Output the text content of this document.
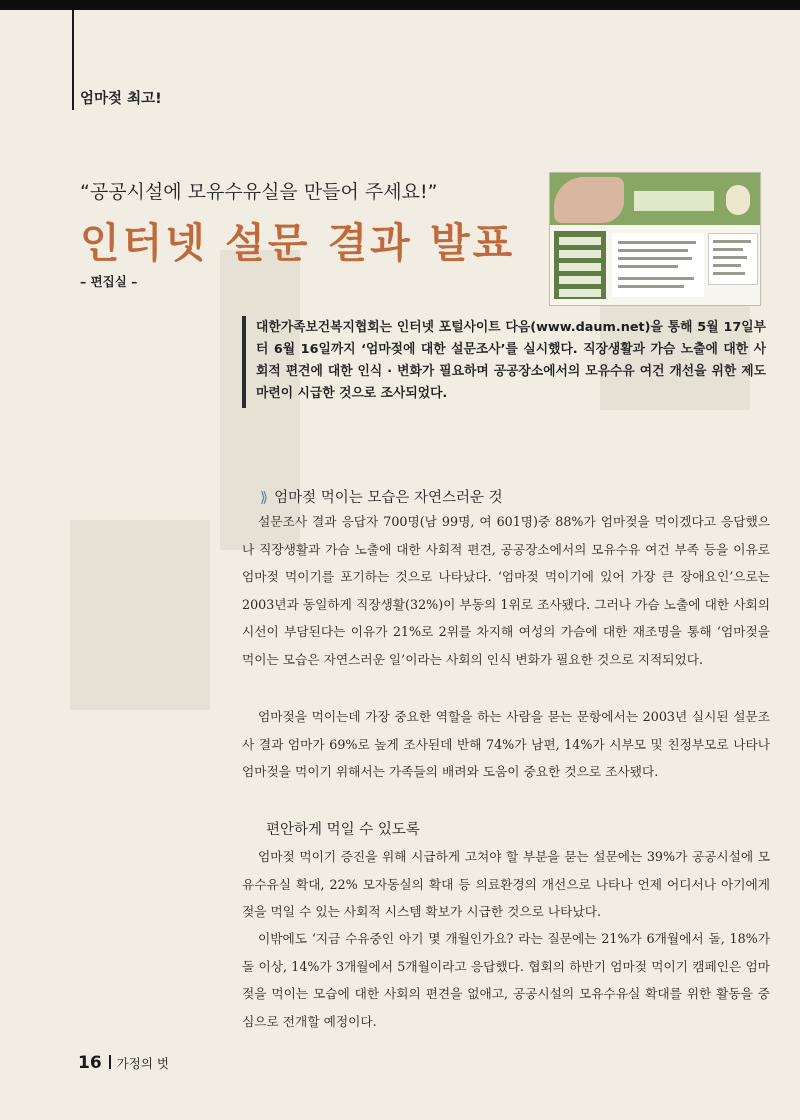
엄마젖 최고!
“공공시설에 모유수유실을 만들어 주세요!”
인터넷 설문 결과 발표
– 편집실 –
대한가족보건복지협회는 인터넷 포털사이트 다음(www.daum.net)을 통해 5월 17일부터 6월 16일까지 ‘엄마젖에 대한 설문조사’를 실시했다. 직장생활과 가슴 노출에 대한 사회적 편견에 대한 인식 · 변화가 필요하며 공공장소에서의 모유수유 여건 개선을 위한 제도 마련이 시급한 것으로 조사되었다.
⟫ 엄마젖 먹이는 모습은 자연스러운 것
설문조사 결과 응답자 700명(남 99명, 여 601명)중 88%가 엄마젖을 먹이겠다고 응답했으나 직장생활과 가슴 노출에 대한 사회적 편견, 공공장소에서의 모유수유 여건 부족 등을 이유로 엄마젖 먹이기를 포기하는 것으로 나타났다. ‘엄마젖 먹이기에 있어 가장 큰 장애요인’으로는 2003년과 동일하게 직장생활(32%)이 부동의 1위로 조사됐다. 그러나 가슴 노출에 대한 사회의 시선이 부담된다는 이유가 21%로 2위를 차지해 여성의 가슴에 대한 재조명을 통해 ‘엄마젖을 먹이는 모습은 자연스러운 일’이라는 사회의 인식 변화가 필요한 것으로 지적되었다.
엄마젖을 먹이는데 가장 중요한 역할을 하는 사람을 묻는 문항에서는 2003년 실시된 설문조사 결과 엄마가 69%로 높게 조사된데 반해 74%가 남편, 14%가 시부모 및 친정부모로 나타나 엄마젖을 먹이기 위해서는 가족들의 배려와 도움이 중요한 것으로 조사됐다.
편안하게 먹일 수 있도록
엄마젖 먹이기 증진을 위해 시급하게 고쳐야 할 부분을 묻는 설문에는 39%가 공공시설에 모유수유실 확대, 22% 모자동실의 확대 등 의료환경의 개선으로 나타나 언제 어디서나 아기에게 젖을 먹일 수 있는 사회적 시스템 확보가 시급한 것으로 나타났다.
이밖에도 ‘지금 수유중인 아기 몇 개월인가요? 라는 질문에는 21%가 6개월에서 돌, 18%가 돌 이상, 14%가 3개월에서 5개월이라고 응답했다. 협회의 하반기 엄마젖 먹이기 캠페인은 엄마젖을 먹이는 모습에 대한 사회의 편견을 없애고, 공공시설의 모유수유실 확대를 위한 활동을 중심으로 전개할 예정이다.
16 가정의 벗
